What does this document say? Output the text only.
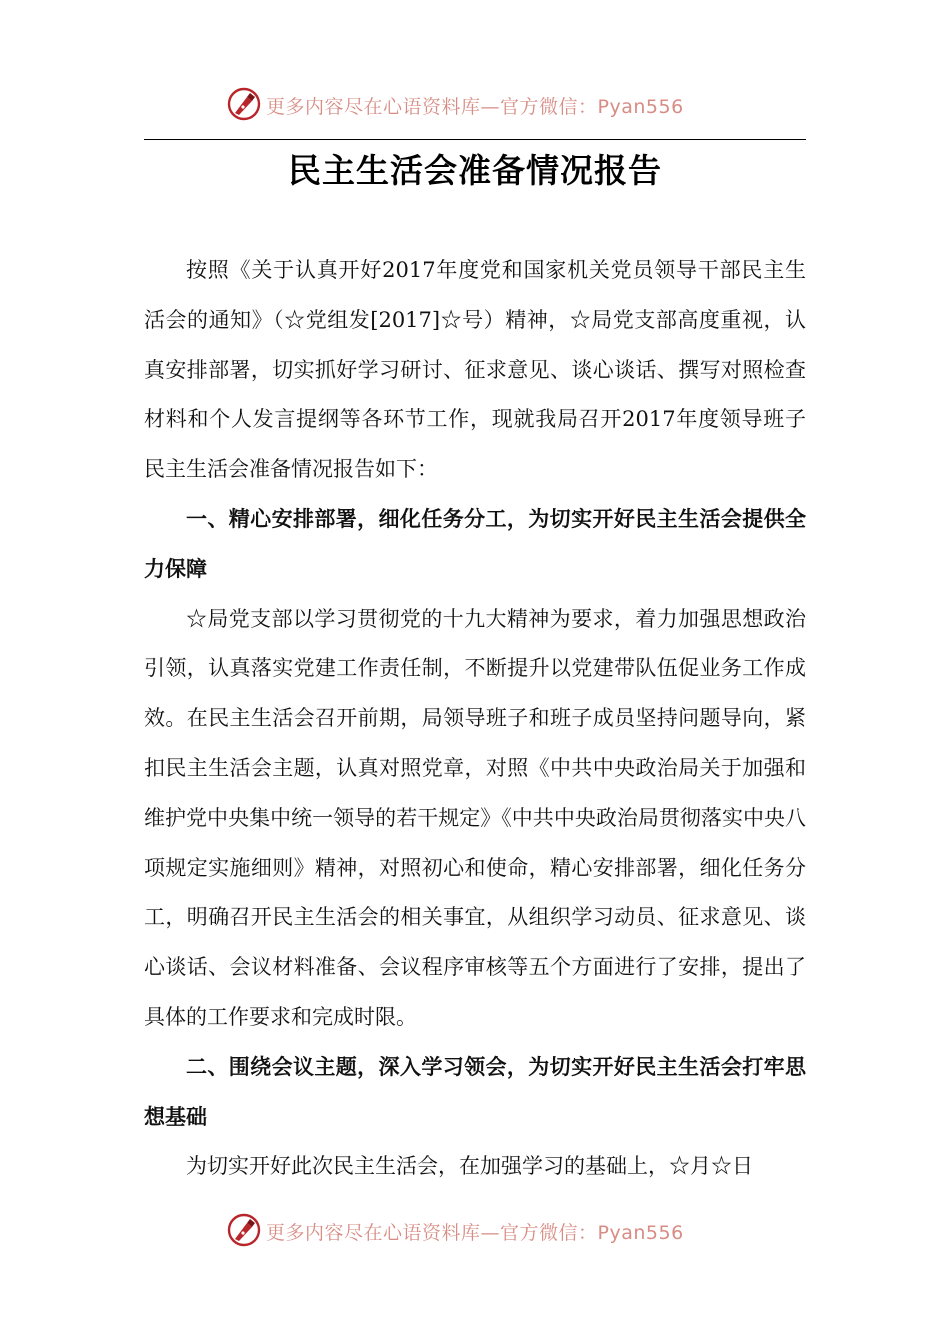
更多内容尽在心语资料库—官方微信：Pyan556
民主生活会准备情况报告

按照《关于认真开好2017年度党和国家机关党员领导干部民主生活会的通知》（☆党组发[2017]☆号）精神，☆局党支部高度重视，认真安排部署，切实抓好学习研讨、征求意见、谈心谈话、撰写对照检查材料和个人发言提纲等各环节工作，现就我局召开2017年度领导班子民主生活会准备情况报告如下：

一、精心安排部署，细化任务分工，为切实开好民主生活会提供全力保障

☆局党支部以学习贯彻党的十九大精神为要求，着力加强思想政治引领，认真落实党建工作责任制，不断提升以党建带队伍促业务工作成效。在民主生活会召开前期，局领导班子和班子成员坚持问题导向，紧扣民主生活会主题，认真对照党章，对照《中共中央政治局关于加强和维护党中央集中统一领导的若干规定》《中共中央政治局贯彻落实中央八项规定实施细则》精神，对照初心和使命，精心安排部署，细化任务分工，明确召开民主生活会的相关事宜，从组织学习动员、征求意见、谈心谈话、会议材料准备、会议程序审核等五个方面进行了安排，提出了具体的工作要求和完成时限。

二、围绕会议主题，深入学习领会，为切实开好民主生活会打牢思想基础

为切实开好此次民主生活会，在加强学习的基础上，☆月☆日

更多内容尽在心语资料库—官方微信：Pyan556
